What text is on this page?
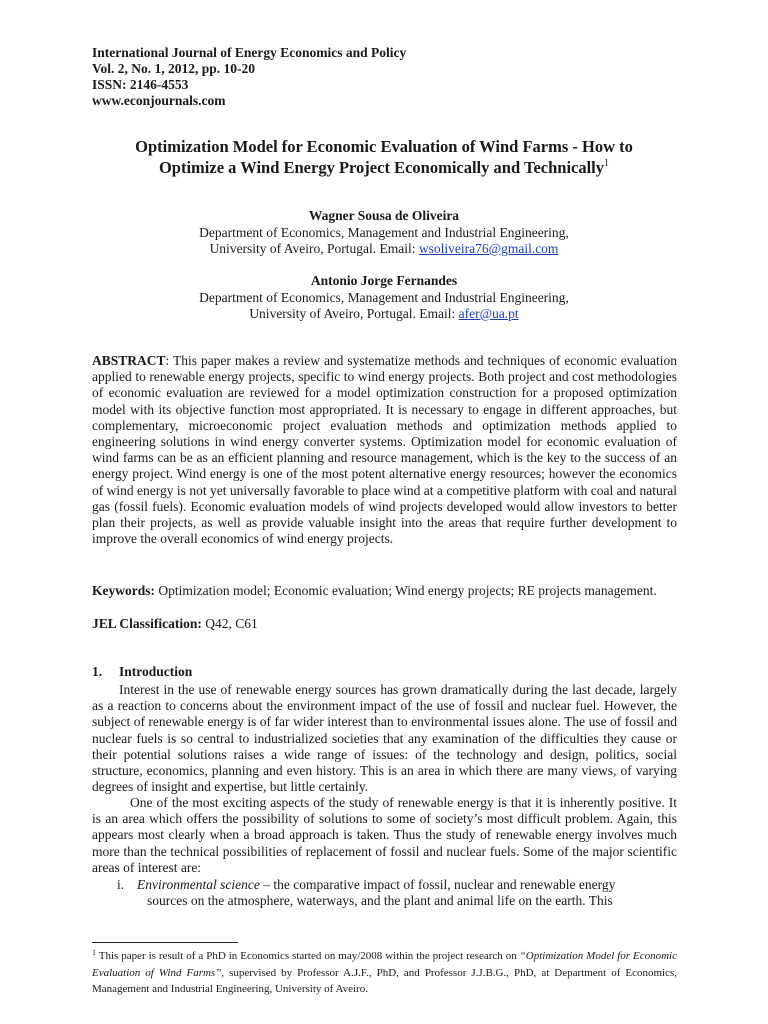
International Journal of Energy Economics and Policy
Vol. 2, No. 1, 2012, pp. 10-20
ISSN: 2146-4553
www.econjournals.com
Optimization Model for Economic Evaluation of Wind Farms - How to
Optimize a Wind Energy Project Economically and Technically$^1$
Wagner Sousa de Oliveira
Department of Economics, Management and Industrial Engineering,
University of Aveiro, Portugal. Email: wsoliveira76@gmail.com
Antonio Jorge Fernandes
Department of Economics, Management and Industrial Engineering,
University of Aveiro, Portugal. Email: afer@ua.pt
ABSTRACT: This paper makes a review and systematize methods and techniques of economic evaluation applied to renewable energy projects, specific to wind energy projects. Both project and cost methodologies of economic evaluation are reviewed for a model optimization construction for a proposed optimization model with its objective function most appropriated. It is necessary to engage in different approaches, but complementary, microeconomic project evaluation methods and optimization methods applied to engineering solutions in wind energy converter systems. Optimization model for economic evaluation of wind farms can be as an efficient planning and resource management, which is the key to the success of an energy project. Wind energy is one of the most potent alternative energy resources; however the economics of wind energy is not yet universally favorable to place wind at a competitive platform with coal and natural gas (fossil fuels). Economic evaluation models of wind projects developed would allow investors to better plan their projects, as well as provide valuable insight into the areas that require further development to improve the overall economics of wind energy projects.
Keywords: Optimization model; Economic evaluation; Wind energy projects; RE projects management.
JEL Classification: Q42, C61
1. Introduction
Interest in the use of renewable energy sources has grown dramatically during the last decade, largely as a reaction to concerns about the environment impact of the use of fossil and nuclear fuel. However, the subject of renewable energy is of far wider interest than to environmental issues alone. The use of fossil and nuclear fuels is so central to industrialized societies that any examination of the difficulties they cause or their potential solutions raises a wide range of issues: of the technology and design, politics, social structure, economics, planning and even history. This is an area in which there are many views, of varying degrees of insight and expertise, but little certainly.
One of the most exciting aspects of the study of renewable energy is that it is inherently positive. It is an area which offers the possibility of solutions to some of society’s most difficult problem. Again, this appears most clearly when a broad approach is taken. Thus the study of renewable energy involves much more than the technical possibilities of replacement of fossil and nuclear fuels. Some of the major scientific areas of interest are:
i. Environmental science – the comparative impact of fossil, nuclear and renewable energy
sources on the atmosphere, waterways, and the plant and animal life on the earth. This
$^1$ This paper is result of a PhD in Economics started on may/2008 within the project research on “Optimization Model for Economic Evaluation of Wind Farms”, supervised by Professor A.J.F., PhD, and Professor J.J.B.G., PhD, at Department of Economics, Management and Industrial Engineering, University of Aveiro.
